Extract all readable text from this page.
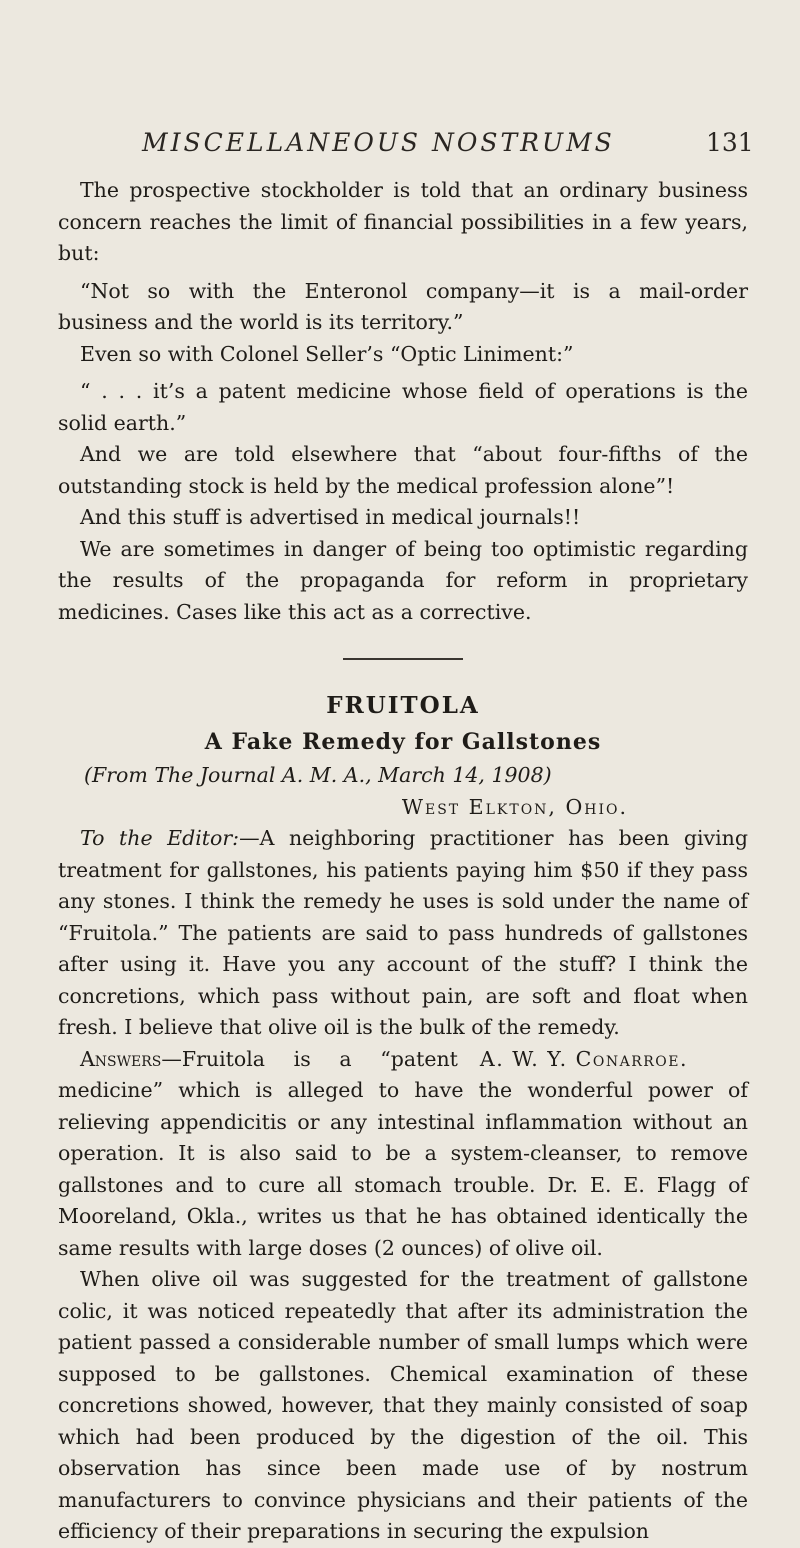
MISCELLANEOUS NOSTRUMS	131

The prospective stockholder is told that an ordinary business concern reaches the limit of financial possibilities in a few years, but:

“Not so with the Enteronol company—it is a mail-order business and the world is its territory.”

Even so with Colonel Seller’s “Optic Liniment:”

“ . . . it’s a patent medicine whose field of operations is the solid earth.”

And we are told elsewhere that “about four-fifths of the outstanding stock is held by the medical profession alone”!

And this stuff is advertised in medical journals!!

We are sometimes in danger of being too optimistic regarding the results of the propaganda for reform in proprietary medicines. Cases like this act as a corrective.

FRUITOLA
A Fake Remedy for Gallstones
(From The Journal A. M. A., March 14, 1908)
West Elkton, Ohio.

To the Editor:—A neighboring practitioner has been giving treatment for gallstones, his patients paying him $50 if they pass any stones. I think the remedy he uses is sold under the name of “Fruitola.” The patients are said to pass hundreds of gallstones after using it. Have you any account of the stuff? I think the concretions, which pass without pain, are soft and float when fresh. I believe that olive oil is the bulk of the remedy.
A. W. Y. Conarroe.

Answers—Fruitola is a “patent medicine” which is alleged to have the wonderful power of relieving appendicitis or any intestinal inflammation without an operation. It is also said to be a system-cleanser, to remove gallstones and to cure all stomach trouble. Dr. E. E. Flagg of Mooreland, Okla., writes us that he has obtained identically the same results with large doses (2 ounces) of olive oil.

When olive oil was suggested for the treatment of gallstone colic, it was noticed repeatedly that after its administration the patient passed a considerable number of small lumps which were supposed to be gallstones. Chemical examination of these concretions showed, however, that they mainly consisted of soap which had been produced by the digestion of the oil. This observation has since been made use of by nostrum manufacturers to convince physicians and their patients of the efficiency of their preparations in securing the expulsion
